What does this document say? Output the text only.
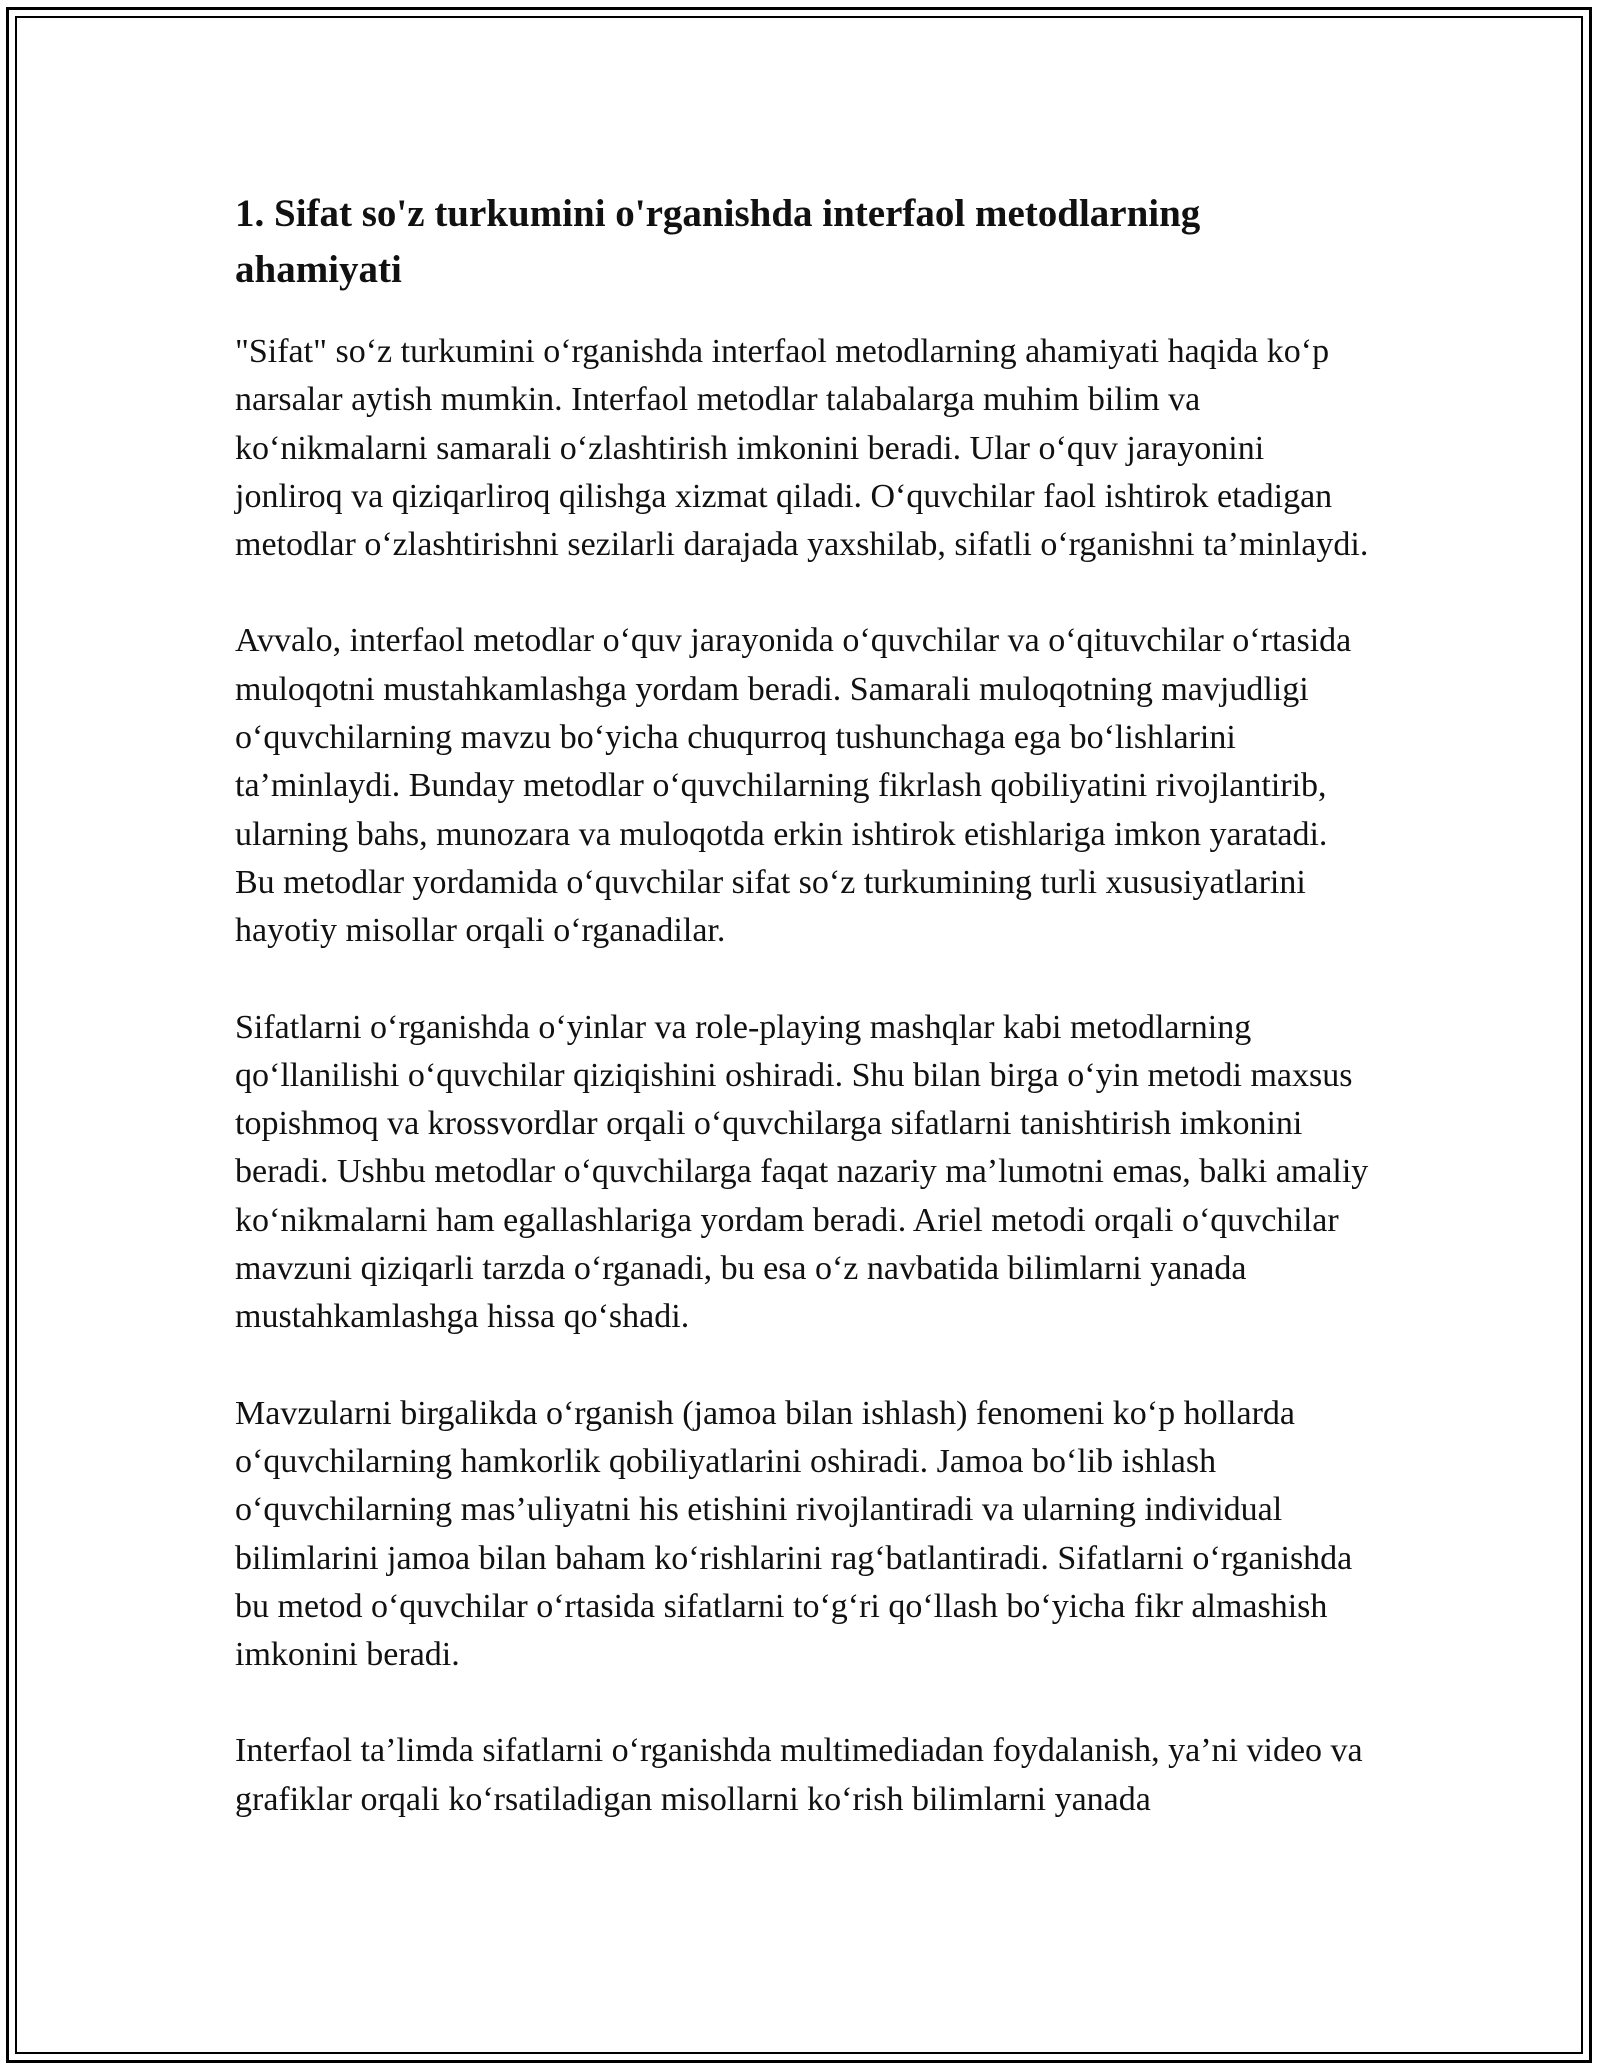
1. Sifat so'z turkumini o'rganishda interfaol metodlarning ahamiyati

"Sifat" so‘z turkumini o‘rganishda interfaol metodlarning ahamiyati haqida ko‘p narsalar aytish mumkin. Interfaol metodlar talabalarga muhim bilim va ko‘nikmalarni samarali o‘zlashtirish imkonini beradi. Ular o‘quv jarayonini jonliroq va qiziqarliroq qilishga xizmat qiladi. O‘quvchilar faol ishtirok etadigan metodlar o‘zlashtirishni sezilarli darajada yaxshilab, sifatli o‘rganishni ta’minlaydi.

Avvalo, interfaol metodlar o‘quv jarayonida o‘quvchilar va o‘qituvchilar o‘rtasida muloqotni mustahkamlashga yordam beradi. Samarali muloqotning mavjudligi o‘quvchilarning mavzu bo‘yicha chuqurroq tushunchaga ega bo‘lishlarini ta’minlaydi. Bunday metodlar o‘quvchilarning fikrlash qobiliyatini rivojlantirib, ularning bahs, munozara va muloqotda erkin ishtirok etishlariga imkon yaratadi. Bu metodlar yordamida o‘quvchilar sifat so‘z turkumining turli xususiyatlarini hayotiy misollar orqali o‘rganadilar.

Sifatlarni o‘rganishda o‘yinlar va role-playing mashqlar kabi metodlarning qo‘llanilishi o‘quvchilar qiziqishini oshiradi. Shu bilan birga o‘yin metodi maxsus topishmoq va krossvordlar orqali o‘quvchilarga sifatlarni tanishtirish imkonini beradi. Ushbu metodlar o‘quvchilarga faqat nazariy ma’lumotni emas, balki amaliy ko‘nikmalarni ham egallashlariga yordam beradi. Ariel metodi orqali o‘quvchilar mavzuni qiziqarli tarzda o‘rganadi, bu esa o‘z navbatida bilimlarni yanada mustahkamlashga hissa qo‘shadi.

Mavzularni birgalikda o‘rganish (jamoa bilan ishlash) fenomeni ko‘p hollarda o‘quvchilarning hamkorlik qobiliyatlarini oshiradi. Jamoa bo‘lib ishlash o‘quvchilarning mas’uliyatni his etishini rivojlantiradi va ularning individual bilimlarini jamoa bilan baham ko‘rishlarini rag‘batlantiradi. Sifatlarni o‘rganishda bu metod o‘quvchilar o‘rtasida sifatlarni to‘g‘ri qo‘llash bo‘yicha fikr almashish imkonini beradi.

Interfaol ta’limda sifatlarni o‘rganishda multimediadan foydalanish, ya’ni video va grafiklar orqali ko‘rsatiladigan misollarni ko‘rish bilimlarni yanada
